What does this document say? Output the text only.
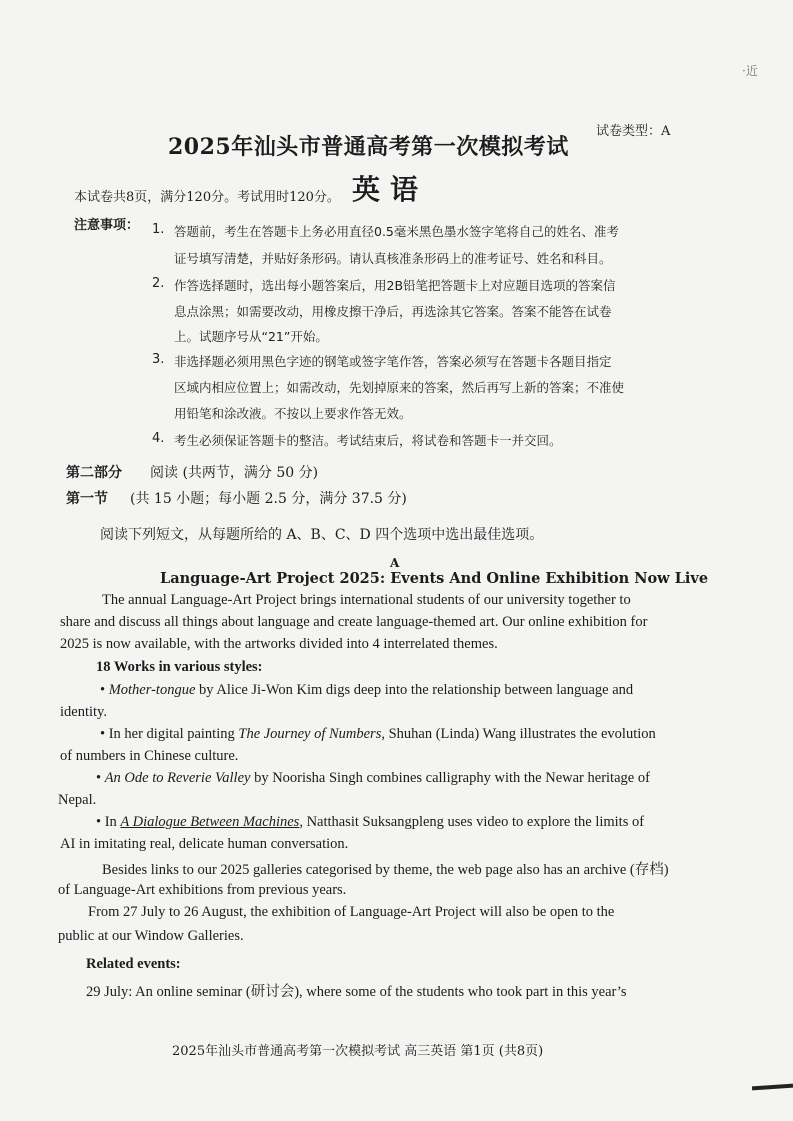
·近
试卷类型：A
2025年汕头市普通高考第一次模拟考试
英语
本试卷共8页，满分120分。考试用时120分。
注意事项： 1. 答题前，考生在答题卡上务必用直径0.5毫米黑色墨水签字笔将自己的姓名、准考
证号填写清楚，并贴好条形码。请认真核准条形码上的准考证号、姓名和科目。
2. 作答选择题时，选出每小题答案后，用2B铅笔把答题卡上对应题目选项的答案信
息点涂黑；如需要改动，用橡皮擦干净后，再选涂其它答案。答案不能答在试卷
上。试题序号从“21”开始。
3. 非选择题必须用黑色字迹的钢笔或签字笔作答，答案必须写在答题卡各题目指定
区域内相应位置上；如需改动，先划掉原来的答案，然后再写上新的答案；不准使
用铅笔和涂改液。不按以上要求作答无效。
4. 考生必须保证答题卡的整洁。考试结束后，将试卷和答题卡一并交回。
第二部分 阅读 (共两节，满分 50 分)
第一节 (共 15 小题；每小题 2.5 分，满分 37.5 分)
阅读下列短文，从每题所给的 A、B、C、D 四个选项中选出最佳选项。
A
Language-Art Project 2025: Events And Online Exhibition Now Live
The annual Language-Art Project brings international students of our university together to
share and discuss all things about language and create language-themed art. Our online exhibition for
2025 is now available, with the artworks divided into 4 interrelated themes.
18 Works in various styles:
• Mother-tongue by Alice Ji-Won Kim digs deep into the relationship between language and
identity.
• In her digital painting The Journey of Numbers, Shuhan (Linda) Wang illustrates the evolution
of numbers in Chinese culture.
• An Ode to Reverie Valley by Noorisha Singh combines calligraphy with the Newar heritage of
Nepal.
• In A Dialogue Between Machines, Natthasit Suksangpleng uses video to explore the limits of
AI in imitating real, delicate human conversation.
Besides links to our 2025 galleries categorised by theme, the web page also has an archive (存档)
of Language-Art exhibitions from previous years.
From 27 July to 26 August, the exhibition of Language-Art Project will also be open to the
public at our Window Galleries.
Related events:
29 July: An online seminar (研讨会), where some of the students who took part in this year’s
2025年汕头市普通高考第一次模拟考试 高三英语 第1页 (共8页)
